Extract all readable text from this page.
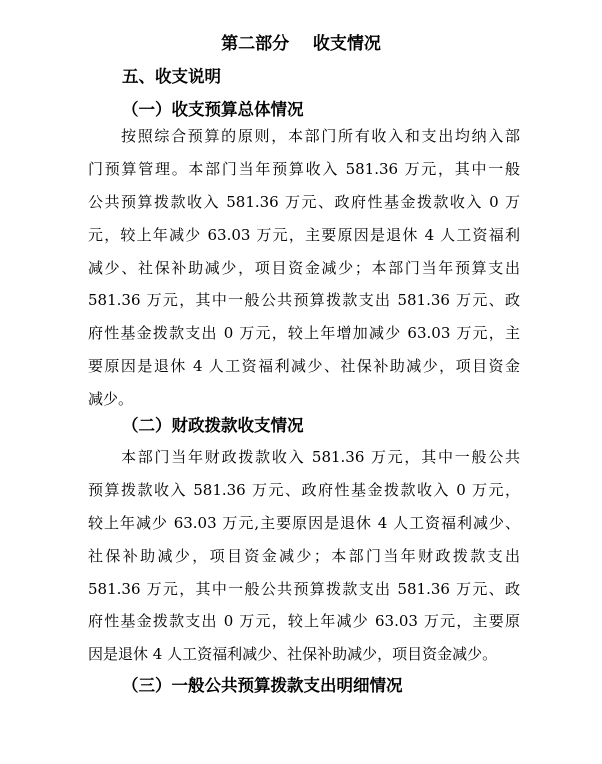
第二部分    收支情况
五、收支说明
（一）收支预算总体情况
按照综合预算的原则，本部门所有收入和支出均纳入部
门预算管理。本部门当年预算收入 581.36 万元，其中一般
公共预算拨款收入 581.36 万元、政府性基金拨款收入 0 万
元，较上年减少 63.03 万元，主要原因是退休 4 人工资福利
减少、社保补助减少，项目资金减少；本部门当年预算支出
581.36 万元，其中一般公共预算拨款支出 581.36 万元、政
府性基金拨款支出 0 万元，较上年增加减少 63.03 万元，主
要原因是退休 4 人工资福利减少、社保补助减少，项目资金
减少。
（二）财政拨款收支情况
本部门当年财政拨款收入 581.36 万元，其中一般公共
预算拨款收入 581.36 万元、政府性基金拨款收入 0 万元，
较上年减少 63.03 万元,主要原因是退休 4 人工资福利减少、
社保补助减少，项目资金减少；本部门当年财政拨款支出
581.36 万元，其中一般公共预算拨款支出 581.36 万元、政
府性基金拨款支出 0 万元，较上年减少 63.03 万元，主要原
因是退休 4 人工资福利减少、社保补助减少，项目资金减少。
（三）一般公共预算拨款支出明细情况
